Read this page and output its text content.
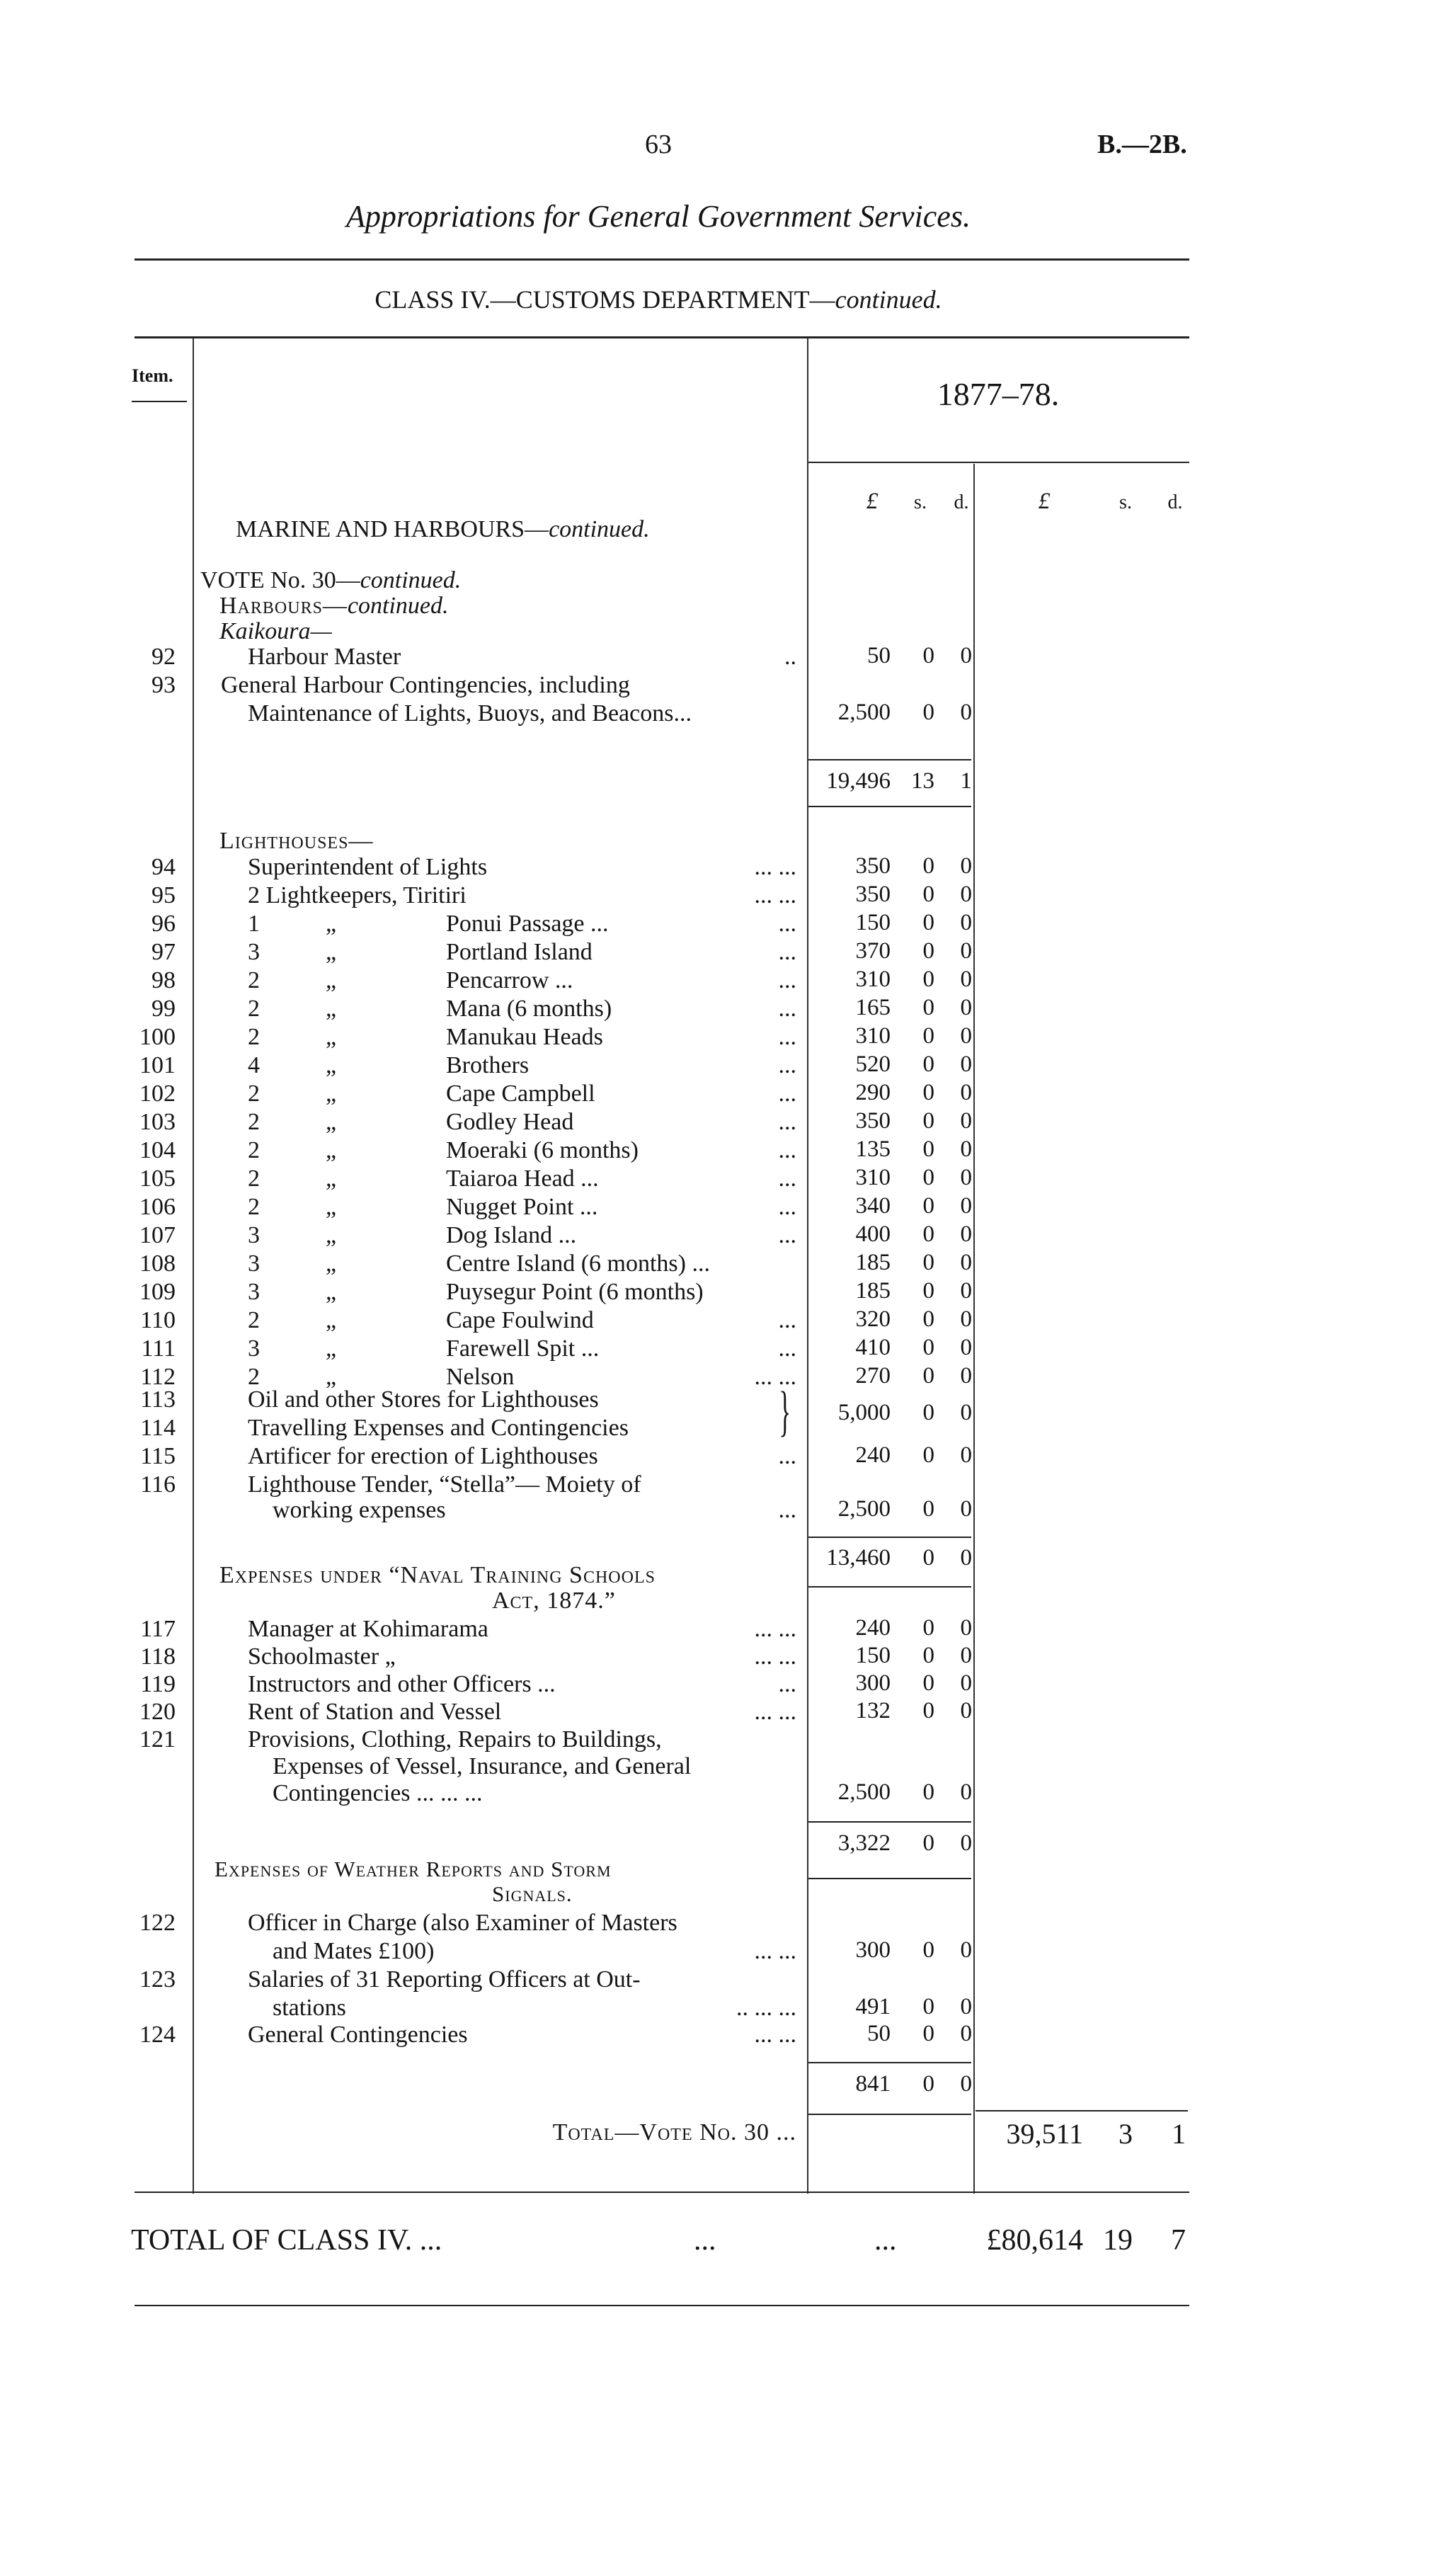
63	B.—2B.
Appropriations for General Government Services.
CLASS IV.—CUSTOMS DEPARTMENT—continued.
Item.
1877–78.
£ s. d.	£	s. d.
MARINE AND HARBOURS—continued.
VOTE No. 30—continued.
Harbours—continued.
Kaikoura—
92	Harbour Master	..	50 0 0
93 General Harbour Contingencies, including
Maintenance of Lights, Buoys, and Beacons...	2,500 0 0
19,496 13 1
Lighthouses—
94	Superintendent of Lights	... ...	350 0 0
95	2 Lightkeepers, Tiritiri	... ...	350 0 0
96	1	„	Ponui Passage ...	...	150 0 0
97	3	„	Portland Island	...	370 0 0
98	2	„	Pencarrow ...	...	310 0 0
99	2	„	Mana (6 months)	...	165 0 0
100	2	„	Manukau Heads	...	310 0 0
101	4	„	Brothers	...	520 0 0
102	2	„	Cape Campbell	...	290 0 0
103	2	„	Godley Head	...	350 0 0
104	2	„	Moeraki (6 months)	...	135 0 0
105	2	„	Taiaroa Head ...	...	310 0 0
106	2	„	Nugget Point ...	...	340 0 0
107	3	„	Dog Island ...	...	400 0 0
108	3	„	Centre Island (6 months) ...	185 0 0
109	3	„	Puysegur Point (6 months)	185 0 0
110	2	„	Cape Foulwind	...	320 0 0
111	3	„	Farewell Spit ...	...	410 0 0
112	2	„	Nelson	... ...	270 0 0
113	Oil and other Stores for Lighthouses
114	Travelling Expenses and Contingencies	} 5,000 0 0
115	Artificer for erection of Lighthouses	...	240 0 0
116	Lighthouse Tender, “Stella”— Moiety of
working expenses	... 2,500 0 0
13,460 0 0
Expenses under “Naval Training Schools
Act, 1874.”
117	Manager at Kohimarama	... ...	240 0 0
118	Schoolmaster „	... ...	150 0 0
119	Instructors and other Officers ...	...	300 0 0
120	Rent of Station and Vessel	... ...	132 0 0
121	Provisions, Clothing, Repairs to Buildings,
Expenses of Vessel, Insurance, and General
Contingencies ... ... ...	2,500 0 0
3,322 0 0
Expenses of Weather Reports and Storm
Signals.
122	Officer in Charge (also Examiner of Masters
and Mates £100)	... ...	300 0 0
123	Salaries of 31 Reporting Officers at Out-
stations	.. ... ...	491 0 0
124	General Contingencies	... ...	50 0 0
841 0 0
Total—Vote No. 30 ...	39,511 3 1
TOTAL OF CLASS IV. ...	...	...	£80,614 19 7
